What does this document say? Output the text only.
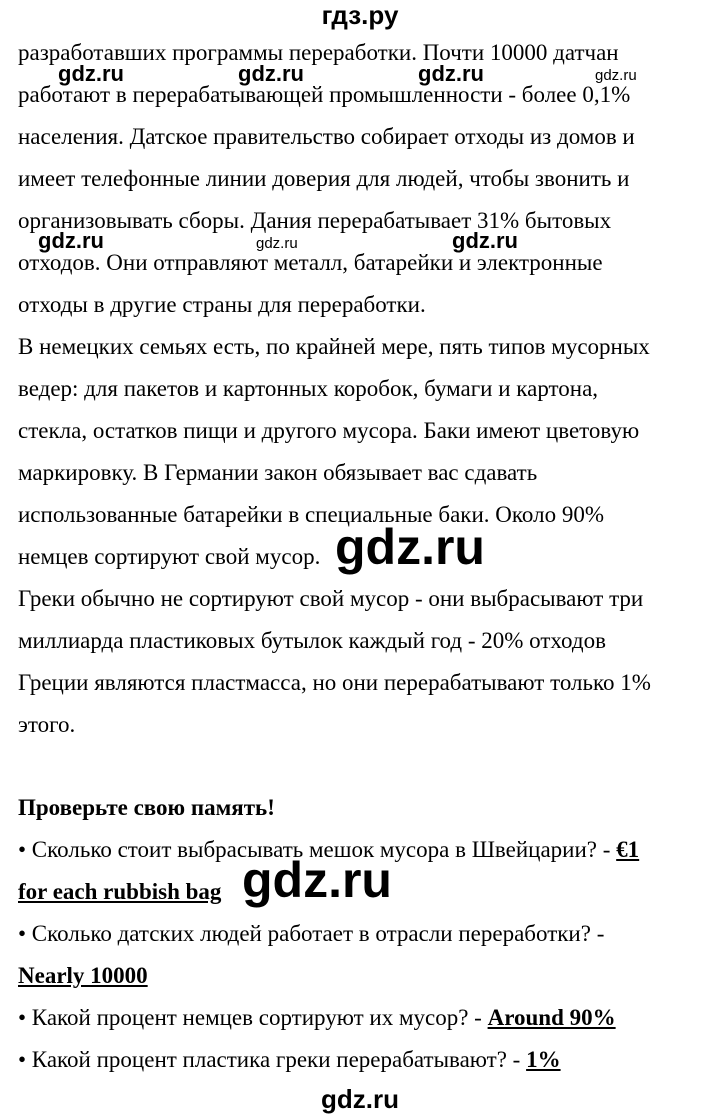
гдз.ру
разработавших программы переработки. Почти 10000 датчан
работают в перерабатывающей промышленности - более 0,1%
населения. Датское правительство собирает отходы из домов и
имеет телефонные линии доверия для людей, чтобы звонить и
организовывать сборы. Дания перерабатывает 31% бытовых
отходов. Они отправляют металл, батарейки и электронные
отходы в другие страны для переработки.
В немецких семьях есть, по крайней мере, пять типов мусорных
ведер: для пакетов и картонных коробок, бумаги и картона,
стекла, остатков пищи и другого мусора. Баки имеют цветовую
маркировку. В Германии закон обязывает вас сдавать
использованные батарейки в специальные баки. Около 90%
немцев сортируют свой мусор.
Греки обычно не сортируют свой мусор - они выбрасывают три
миллиарда пластиковых бутылок каждый год - 20% отходов
Греции являются пластмасса, но они перерабатывают только 1%
этого.
Проверьте свою память!
• Сколько стоит выбрасывать мешок мусора в Швейцарии? - €1
for each rubbish bag
• Сколько датских людей работает в отрасли переработки? -
Nearly 10000
• Какой процент немцев сортируют их мусор? - Around 90%
• Какой процент пластика греки перерабатывают? - 1%
gdz.ru	gdz.ru	gdz.ru	gdz.ru
gdz.ru	gdz.ru	gdz.ru
gdz.ru
gdz.ru
gdz.ru
